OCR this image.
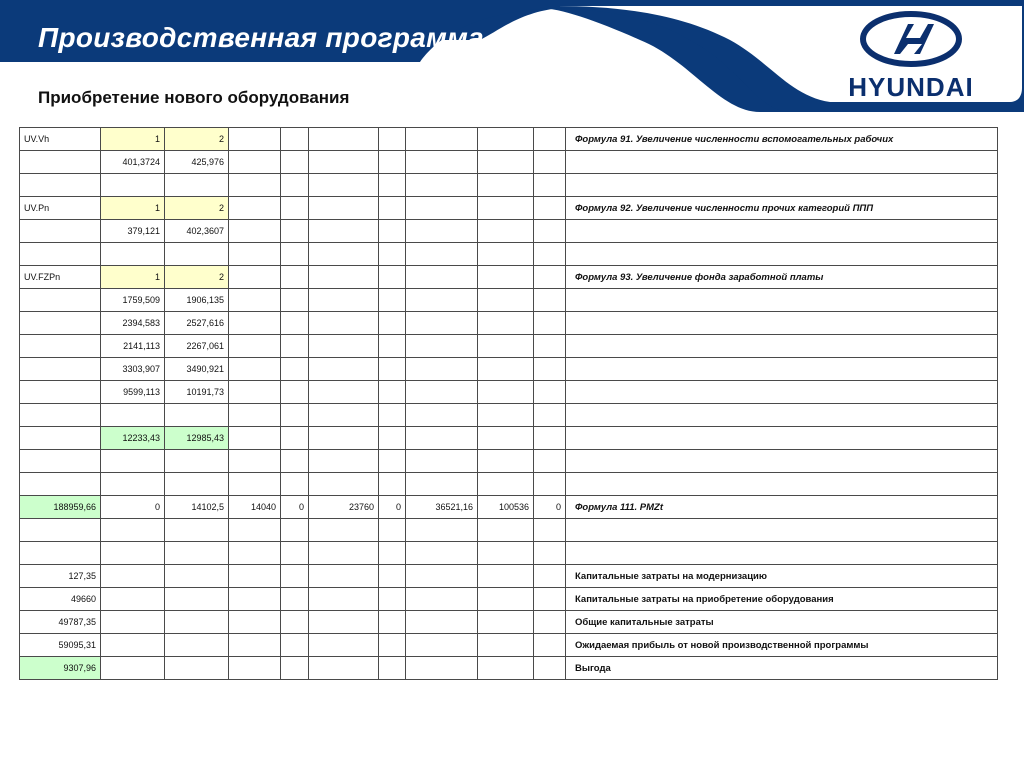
Производственная программа
HYUNDAI
Приобретение нового оборудования
UV.Vh	1	2								Формула 91. Увеличение численности вспомогательных рабочих
	401,3724	425,976								

UV.Pn	1	2								Формула 92. Увеличение численности прочих категорий ППП
	379,121	402,3607								

UV.FZPn	1	2								Формула 93. Увеличение фонда заработной платы
	1759,509	1906,135								
	2394,583	2527,616								
	2141,113	2267,061								
	3303,907	3490,921								
	9599,113	10191,73								

	12233,43	12985,43								

188959,66	0	14102,5	14040	0	23760	0	36521,16	100536	0	Формула 111. PMZt

127,35										Капитальные затраты на модернизацию
49660										Капитальные затраты на приобретение оборудования
49787,35										Общие капитальные затраты
59095,31										Ожидаемая прибыль от новой производственной программы
9307,96										Выгода
